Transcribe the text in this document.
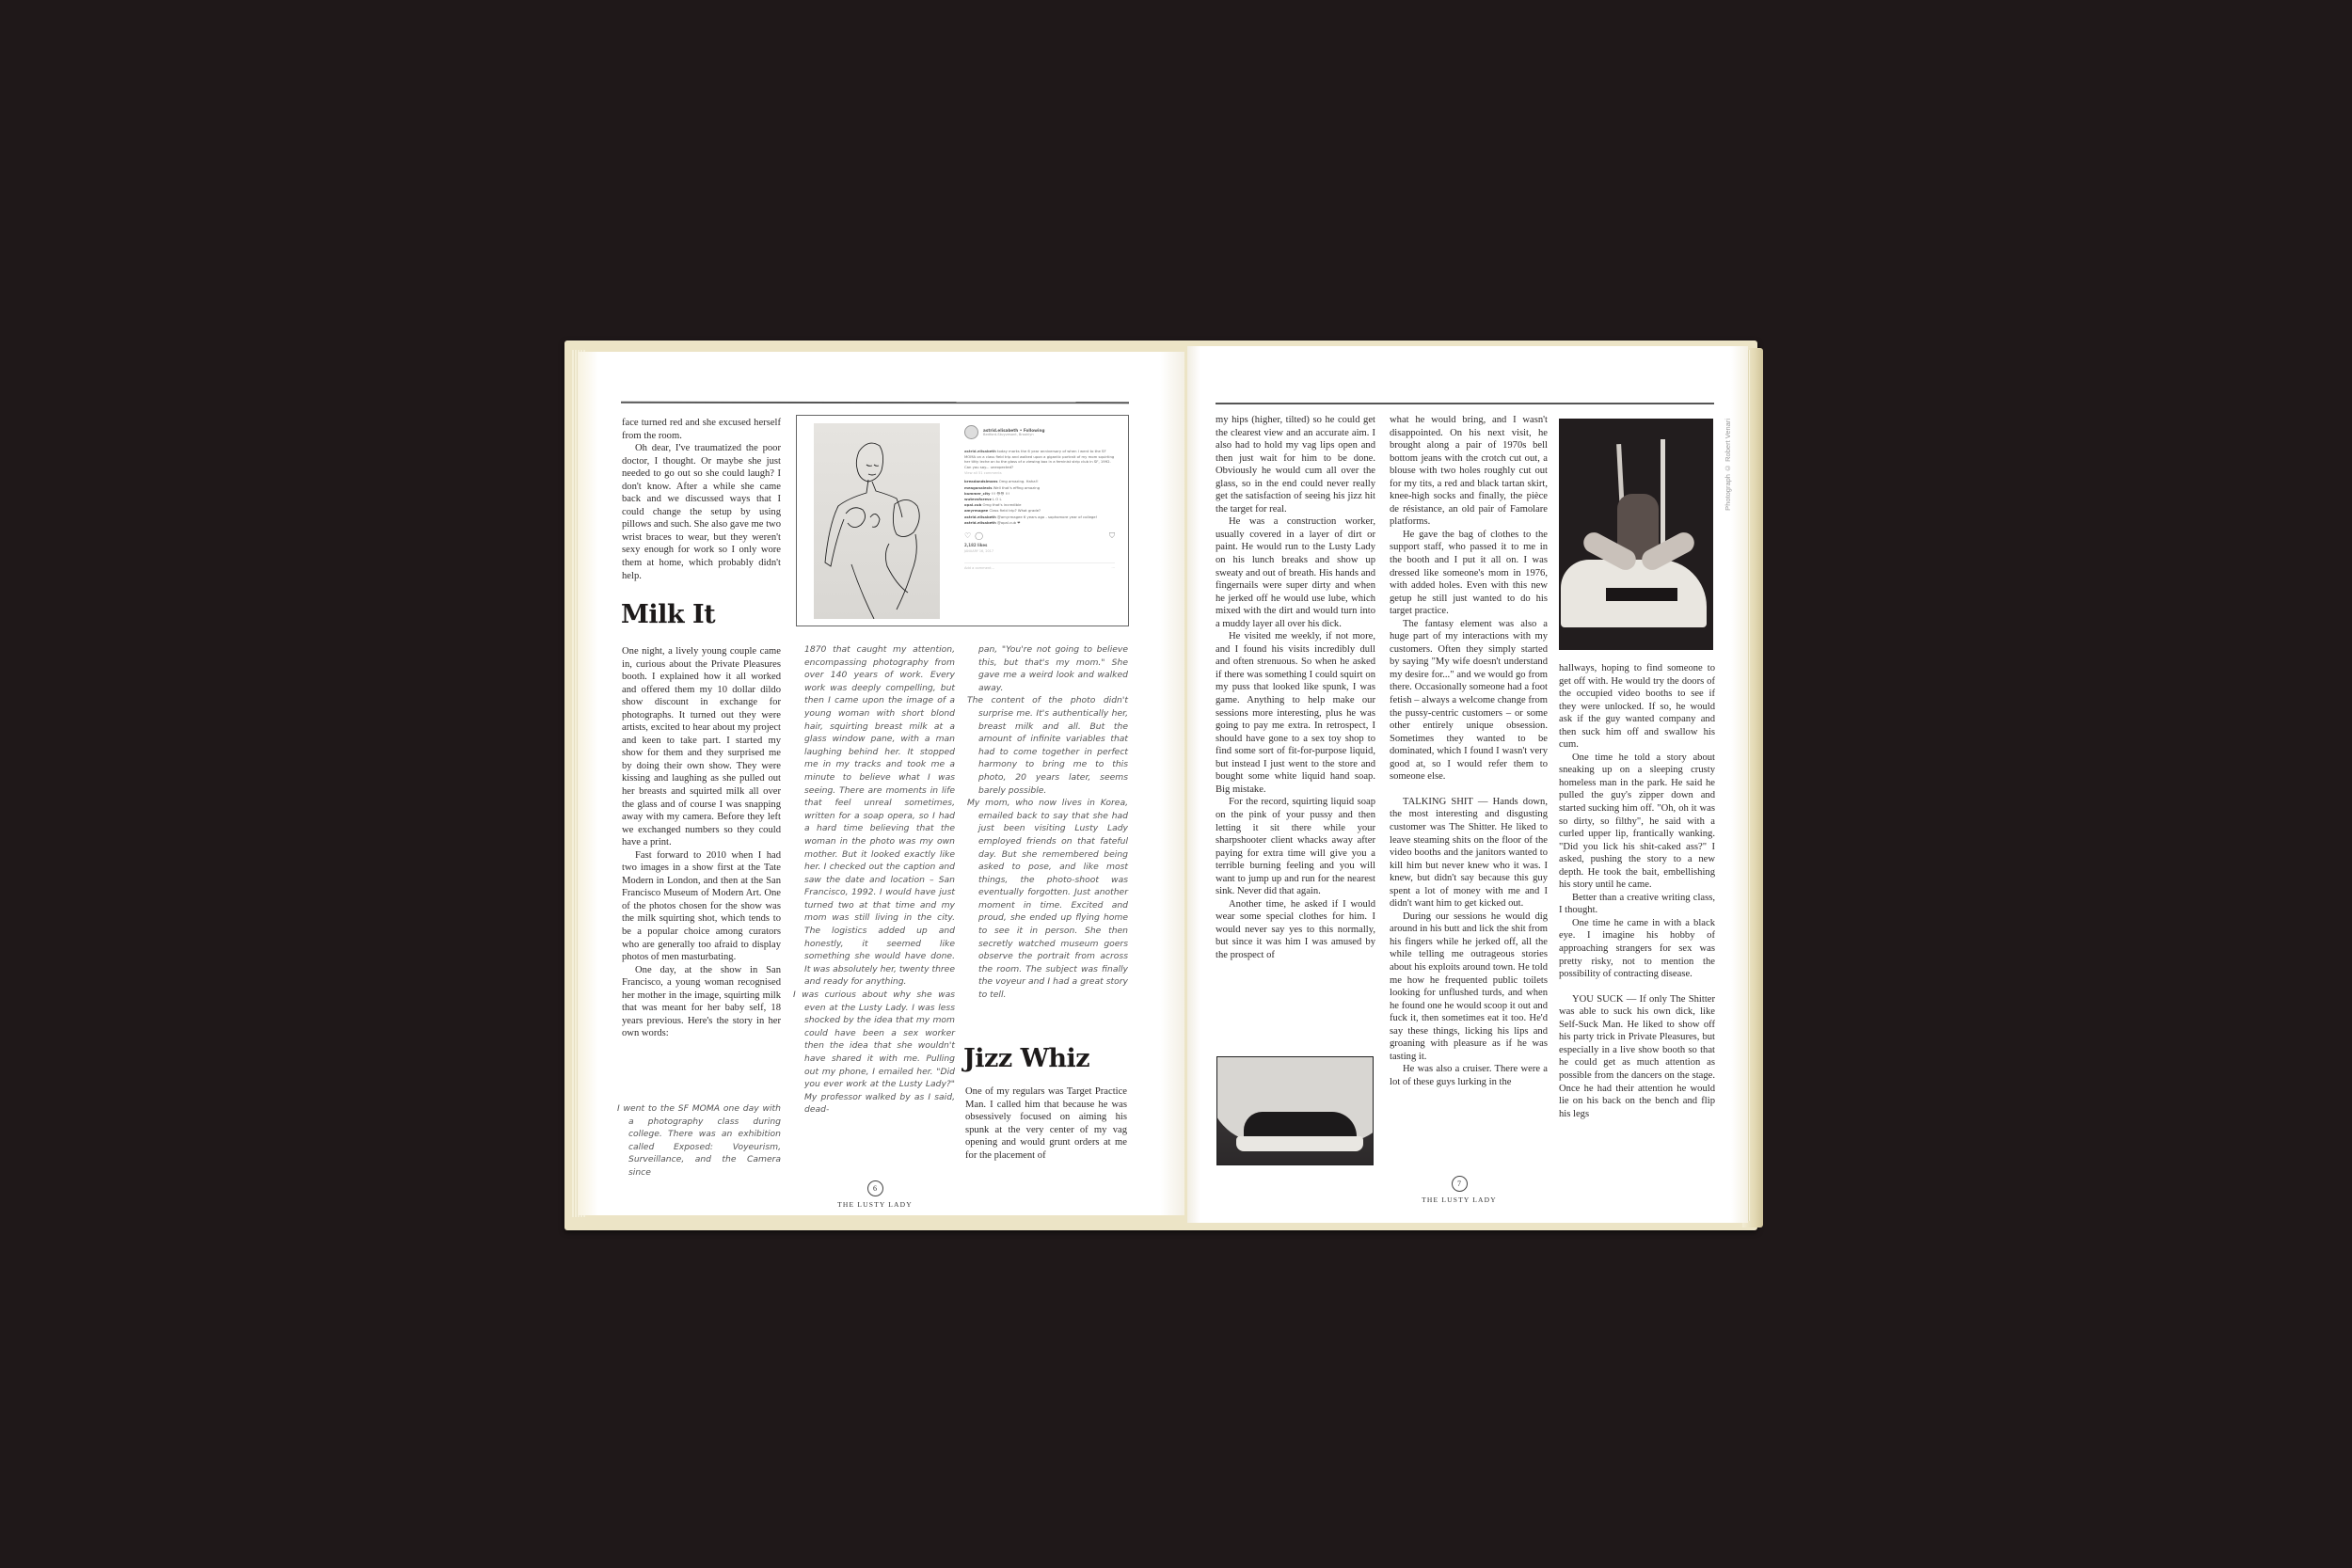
face turned red and she excused herself from the room.

Oh dear, I've traumatized the poor doctor, I thought. Or maybe she just needed to go out so she could laugh? I don't know. After a while she came back and we discussed ways that I could change the setup by using pillows and such. She also gave me two wrist braces to wear, but they weren't sexy enough for work so I only wore them at home, which probably didn't help.

Milk It

One night, a lively young couple came in, curious about the Private Pleasures booth. I explained how it all worked and offered them my 10 dollar dildo show discount in exchange for photographs. It turned out they were artists, excited to hear about my project and keen to take part. I started my show for them and they surprised me by doing their own show. They were kissing and laughing as she pulled out her breasts and squirted milk all over the glass and of course I was snapping away with my camera. Before they left we exchanged numbers so they could have a print.

Fast forward to 2010 when I had two images in a show first at the Tate Modern in London, and then at the San Francisco Museum of Modern Art. One of the photos chosen for the show was the milk squirting shot, which tends to be a popular choice among curators who are generally too afraid to display photos of men masturbating.

One day, at the show in San Francisco, a young woman recognised her mother in the image, squirting milk that was meant for her baby self, 18 years previous. Here's the story in her own words:

I went to the SF MOMA one day with a photography class during college. There was an exhibition called Exposed: Voyeurism, Surveillance, and the Camera since

1870 that caught my attention, encompassing photography from over 140 years of work. Every work was deeply compelling, but then I came upon the image of a young woman with short blond hair, squirting breast milk at a glass window pane, with a man laughing behind her. It stopped me in my tracks and took me a minute to believe what I was seeing. There are moments in life that feel unreal sometimes, written for a soap opera, so I had a hard time believing that the woman in the photo was my own mother. But it looked exactly like her. I checked out the caption and saw the date and location – San Francisco, 1992. I would have just turned two at that time and my mom was still living in the city. The logistics added up and honestly, it seemed like something she would have done. It was absolutely her, twenty three and ready for anything.

I was curious about why she was even at the Lusty Lady. I was less shocked by the idea that my mom could have been a sex worker then the idea that she wouldn't have shared it with me. Pulling out my phone, I emailed her. "Did you ever work at the Lusty Lady?" My professor walked by as I said, dead-

pan, "You're not going to believe this, but that's my mom." She gave me a weird look and walked away.

The content of the photo didn't surprise me. It's authentically her, breast milk and all. But the amount of infinite variables that had to come together in perfect harmony to bring me to this photo, 20 years later, seems barely possible.

My mom, who now lives in Korea, emailed back to say that she had just been visiting Lusty Lady employed friends on that fateful day. But she remembered being asked to pose, and like most things, the photo-shoot was eventually forgotten. Just another moment in time. Excited and proud, she ended up flying home to see it in person. She then secretly watched museum goers observe the portrait from across the room. The subject was finally the voyeur and I had a great story to tell.

Jizz Whiz

One of my regulars was Target Practice Man. I called him that because he was obsessively focused on aiming his spunk at the very center of my vag opening and would grunt orders at me for the placement of

astrid.elisabeth • Following
Bedford-Stuyvesant, Brooklyn
astrid.elisabeth today marks the 6 year anniversary of when I went to the SF MOMA on a class field trip and walked upon a gigantic portrait of my mom squirting her titty leche on to the glass of a viewing box in a feminist strip club in SF, 1992. Can you say... unexpected?
View all 51 comments
breadandsimons Omg amazing. Haha!!
meaganalexis Well that's effing amazing
bummer_city !!! 😳😳 !!!
wutevsforevz L O L
opal.cub Omg that's incredible
amyrmagee Class field trip? What grade?
astrid.elisabeth @amyrmagee 6 years ago - sophomore year of college!
astrid.elisabeth @opal.cub ❤
♡ ◯	⛉
2,182 likes
JANUARY 16, 2017
Add a comment...	⋯
6
THE LUSTY LADY

my hips (higher, tilted) so he could get the clearest view and an accurate aim. I also had to hold my vag lips open and then just wait for him to be done. Obviously he would cum all over the glass, so in the end could never really get the satisfaction of seeing his jizz hit the target for real.

He was a construction worker, usually covered in a layer of dirt or paint. He would run to the Lusty Lady on his lunch breaks and show up sweaty and out of breath. His hands and fingernails were super dirty and when he jerked off he would use lube, which mixed with the dirt and would turn into a muddy layer all over his dick.

He visited me weekly, if not more, and I found his visits incredibly dull and often strenuous. So when he asked if there was something I could squirt on my puss that looked like spunk, I was game. Anything to help make our sessions more interesting, plus he was going to pay me extra. In retrospect, I should have gone to a sex toy shop to find some sort of fit-for-purpose liquid, but instead I just went to the store and bought some white liquid hand soap. Big mistake.

For the record, squirting liquid soap on the pink of your pussy and then letting it sit there while your sharpshooter client whacks away after paying for extra time will give you a terrible burning feeling and you will want to jump up and run for the nearest sink. Never did that again.

Another time, he asked if I would wear some special clothes for him. I would never say yes to this normally, but since it was him I was amused by the prospect of

what he would bring, and I wasn't disappointed. On his next visit, he brought along a pair of 1970s bell bottom jeans with the crotch cut out, a blouse with two holes roughly cut out for my tits, a red and black tartan skirt, knee-high socks and finally, the pièce de résistance, an old pair of Famolare platforms.

He gave the bag of clothes to the support staff, who passed it to me in the booth and I put it all on. I was dressed like someone's mom in 1976, with added holes. Even with this new getup he still just wanted to do his target practice.

The fantasy element was also a huge part of my interactions with my customers. Often they simply started by saying "My wife doesn't understand my desire for..." and we would go from there. Occasionally someone had a foot fetish – always a welcome change from the pussy-centric customers – or some other entirely unique obsession. Sometimes they wanted to be dominated, which I found I wasn't very good at, so I would refer them to someone else.

TALKING SHIT — Hands down, the most interesting and disgusting customer was The Shitter. He liked to leave steaming shits on the floor of the video booths and the janitors wanted to kill him but never knew who it was. I knew, but didn't say because this guy spent a lot of money with me and I didn't want him to get kicked out.

During our sessions he would dig around in his butt and lick the shit from his fingers while he jerked off, all the while telling me outrageous stories about his exploits around town. He told me how he frequented public toilets looking for unflushed turds, and when he found one he would scoop it out and fuck it, then sometimes eat it too. He'd say these things, licking his lips and groaning with pleasure as if he was tasting it.

He was also a cruiser. There were a lot of these guys lurking in the

Photograph © Robert Venari

hallways, hoping to find someone to get off with. He would try the doors of the occupied video booths to see if they were unlocked. If so, he would ask if the guy wanted company and then suck him off and swallow his cum.

One time he told a story about sneaking up on a sleeping crusty homeless man in the park. He said he pulled the guy's zipper down and started sucking him off. "Oh, oh it was so dirty, so filthy", he said with a curled upper lip, frantically wanking. "Did you lick his shit-caked ass?" I asked, pushing the story to a new depth. He took the bait, embellishing his story until he came.

Better than a creative writing class, I thought.

One time he came in with a black eye. I imagine his hobby of approaching strangers for sex was pretty risky, not to mention the possibility of contracting disease.

YOU SUCK — If only The Shitter was able to suck his own dick, like Self-Suck Man. He liked to show off his party trick in Private Pleasures, but especially in a live show booth so that he could get as much attention as possible from the dancers on the stage. Once he had their attention he would lie on his back on the bench and flip his legs

7
THE LUSTY LADY
